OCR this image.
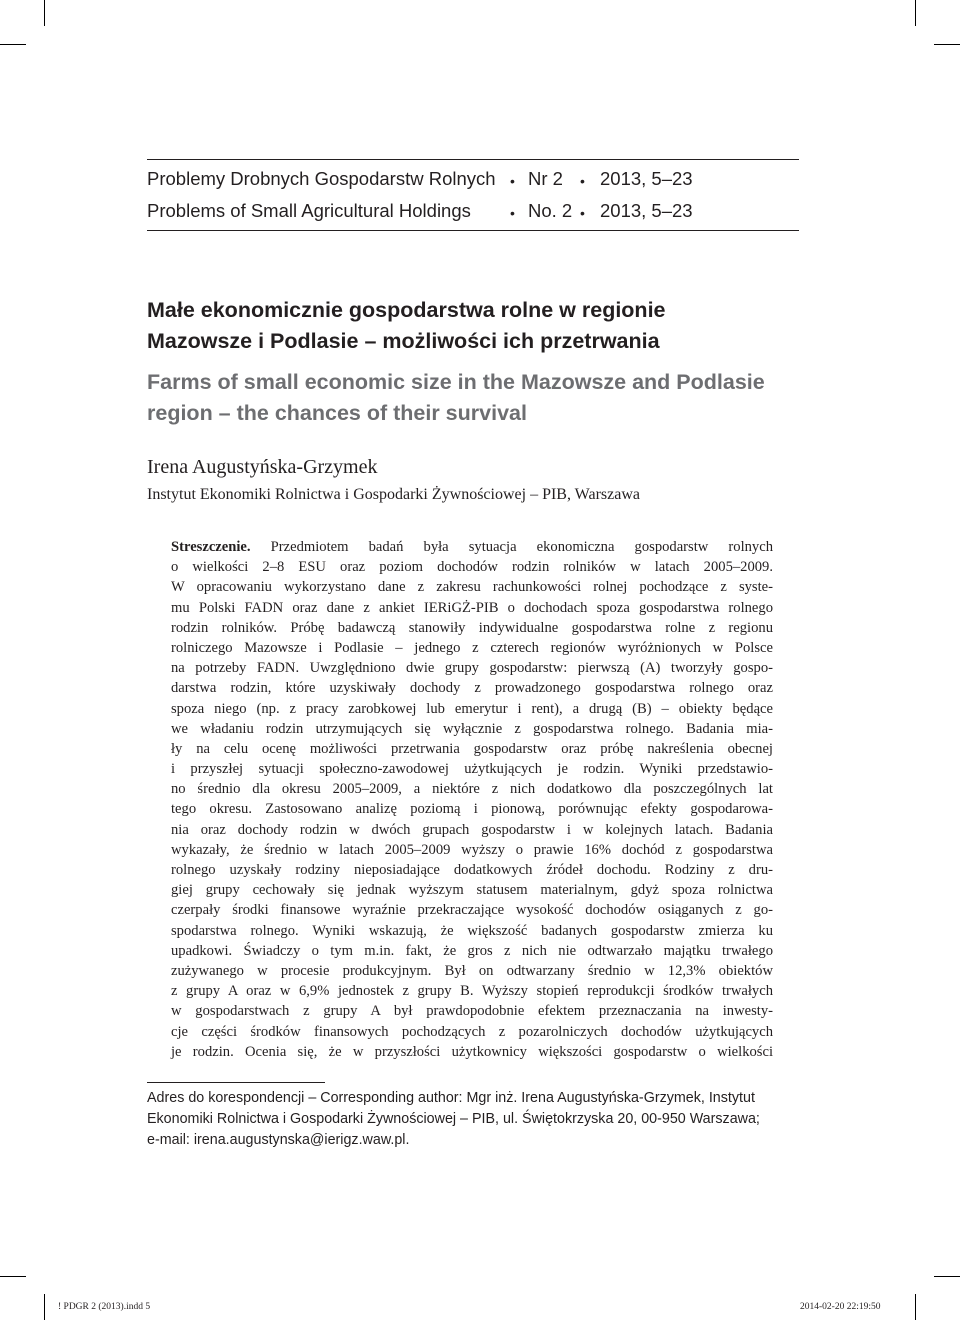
Problemy Drobnych Gospodarstw Rolnych • Nr 2 • 2013, 5–23
Problems of Small Agricultural Holdings	• No. 2 • 2013, 5–23
Małe ekonomicznie gospodarstwa rolne w regionie
Mazowsze i Podlasie – możliwości ich przetrwania
Farms of small economic size in the Mazowsze and Podlasie
region – the chances of their survival
Irena Augustyńska-Grzymek
Instytut Ekonomiki Rolnictwa i Gospodarki Żywnościowej – PIB, Warszawa
Streszczenie. Przedmiotem badań była sytuacja ekonomiczna gospodarstw rolnych
o wielkości 2–8 ESU oraz poziom dochodów rodzin rolników w latach 2005–2009.
W opracowaniu wykorzystano dane z zakresu rachunkowości rolnej pochodzące z syste-
mu Polski FADN oraz dane z ankiet IERiGŻ-PIB o dochodach spoza gospodarstwa rolnego
rodzin rolników. Próbę badawczą stanowiły indywidualne gospodarstwa rolne z regionu
rolniczego Mazowsze i Podlasie – jednego z czterech regionów wyróżnionych w Polsce
na potrzeby FADN. Uwzględniono dwie grupy gospodarstw: pierwszą (A) tworzyły gospo-
darstwa rodzin, które uzyskiwały dochody z prowadzonego gospodarstwa rolnego oraz
spoza niego (np. z pracy zarobkowej lub emerytur i rent), a drugą (B) – obiekty będące
we władaniu rodzin utrzymujących się wyłącznie z gospodarstwa rolnego. Badania mia-
ły na celu ocenę możliwości przetrwania gospodarstw oraz próbę nakreślenia obecnej
i przyszłej sytuacji społeczno-zawodowej użytkujących je rodzin. Wyniki przedstawio-
no średnio dla okresu 2005–2009, a niektóre z nich dodatkowo dla poszczególnych lat
tego okresu. Zastosowano analizę poziomą i pionową, porównując efekty gospodarowa-
nia oraz dochody rodzin w dwóch grupach gospodarstw i w kolejnych latach. Badania
wykazały, że średnio w latach 2005–2009 wyższy o prawie 16% dochód z gospodarstwa
rolnego uzyskały rodziny nieposiadające dodatkowych źródeł dochodu. Rodziny z dru-
giej grupy cechowały się jednak wyższym statusem materialnym, gdyż spoza rolnictwa
czerpały środki finansowe wyraźnie przekraczające wysokość dochodów osiąganych z go-
spodarstwa rolnego. Wyniki wskazują, że większość badanych gospodarstw zmierza ku
upadkowi. Świadczy o tym m.in. fakt, że gros z nich nie odtwarzało majątku trwałego
zużywanego w procesie produkcyjnym. Był on odtwarzany średnio w 12,3% obiektów
z grupy A oraz w 6,9% jednostek z grupy B. Wyższy stopień reprodukcji środków trwałych
w gospodarstwach z grupy A był prawdopodobnie efektem przeznaczania na inwesty-
cje części środków finansowych pochodzących z pozarolniczych dochodów użytkujących
je rodzin. Ocenia się, że w przyszłości użytkownicy większości gospodarstw o wielkości
Adres do korespondencji – Corresponding author: Mgr inż. Irena Augustyńska-Grzymek, Instytut
Ekonomiki Rolnictwa i Gospodarki Żywnościowej – PIB, ul. Świętokrzyska 20, 00-950 Warszawa;
e-mail: irena.augustynska@ierigz.waw.pl.
! PDGR 2 (2013).indd 5	2014-02-20 22:19:50
